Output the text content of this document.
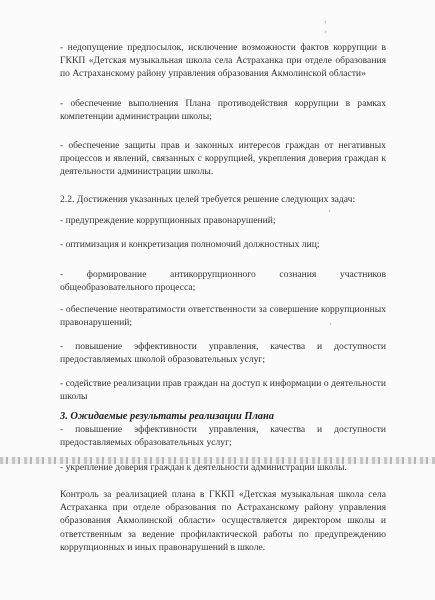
‹
›

- недопущение предпосылок, исключение возможности фактов коррупции в ГККП «Детская музыкальная школа села Астраханка при отделе образования по Астраханскому району управления образования Акмолинской области»

- обеспечение выполнения Плана противодействия коррупции в рамках компетенции администрации школы;

- обеспечение защиты прав и законных интересов граждан от негативных процессов и явлений, связанных с коррупцией, укрепления доверия граждан к деятельности администрации школы.

2.2. Достижения указанных целей требуется решение следующих задач:

‹

- предупреждение коррупционных правонарушений;

- оптимизация и конкретизация полномочий должностных лиц;

- формирование антикоррупционного сознания участников общеобразовательного процесса;

- обеспечение неотвратимости ответственности за совершение коррупционных правонарушений;	›

- повышение эффективности управления, качества и доступности предоставляемых школой образовательных услуг;

- содействие реализации прав граждан на доступ к информации о деятельности школы

3. Ожидаемые результаты реализации Плана

- повышение эффективности управления, качества и доступности предоставляемых образовательных услуг;

- укрепление доверия граждан к деятельности администрации школы.

Контроль за реализацией плана в ГККП «Детская музыкальная школа села Астраханка при отделе образования по Астраханскому району управления образования Акмолинской области» осуществляется директором школы и ответственным за ведение профилактической работы по предупреждению коррупционных и иных правонарушений в школе.
